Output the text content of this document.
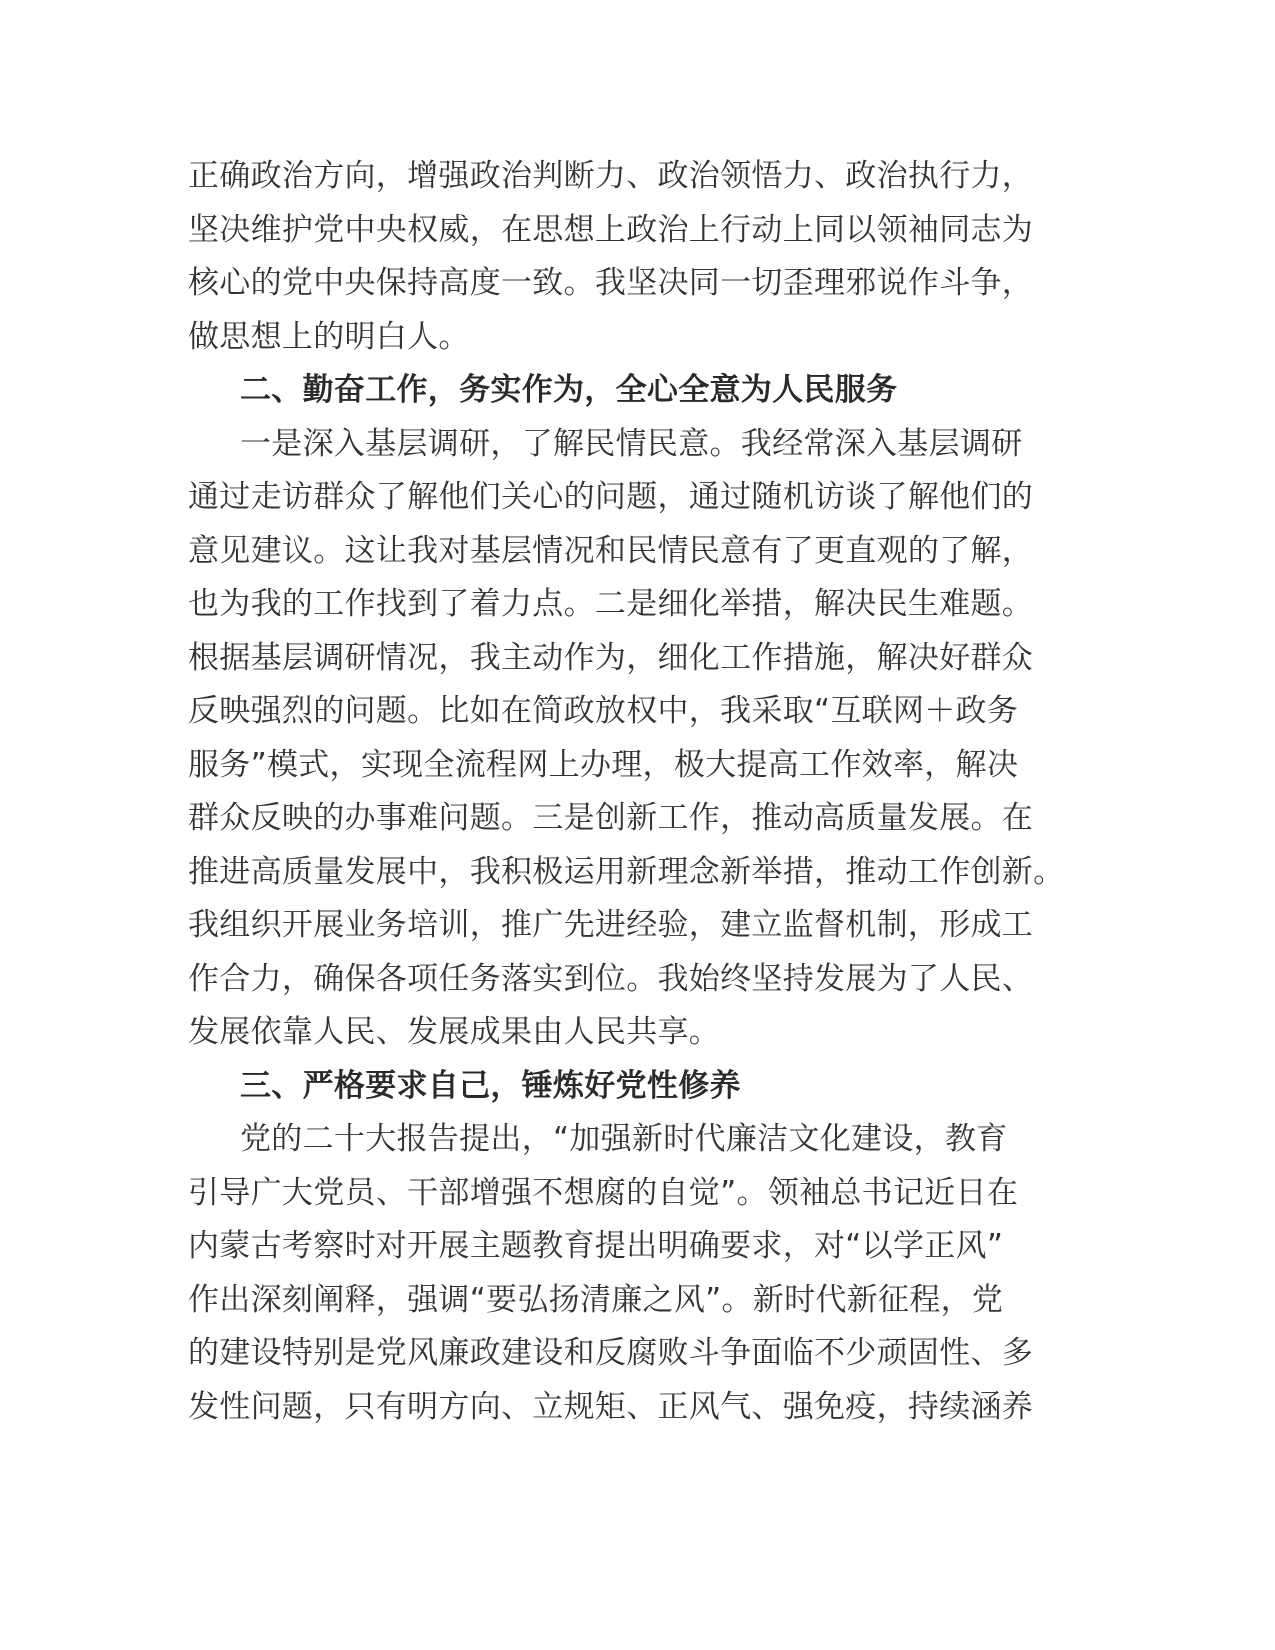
正确政治方向，增强政治判断力、政治领悟力、政治执行力，
坚决维护党中央权威，在思想上政治上行动上同以领袖同志为
核心的党中央保持高度一致。我坚决同一切歪理邪说作斗争，
做思想上的明白人。
二、勤奋工作，务实作为，全心全意为人民服务
一是深入基层调研，了解民情民意。我经常深入基层调研
通过走访群众了解他们关心的问题，通过随机访谈了解他们的
意见建议。这让我对基层情况和民情民意有了更直观的了解，
也为我的工作找到了着力点。二是细化举措，解决民生难题。
根据基层调研情况，我主动作为，细化工作措施，解决好群众
反映强烈的问题。比如在简政放权中，我采取“互联网＋政务
服务”模式，实现全流程网上办理，极大提高工作效率，解决
群众反映的办事难问题。三是创新工作，推动高质量发展。在
推进高质量发展中，我积极运用新理念新举措，推动工作创新。
我组织开展业务培训，推广先进经验，建立监督机制，形成工
作合力，确保各项任务落实到位。我始终坚持发展为了人民、
发展依靠人民、发展成果由人民共享。
三、严格要求自己，锤炼好党性修养
党的二十大报告提出，“加强新时代廉洁文化建设，教育
引导广大党员、干部增强不想腐的自觉”。领袖总书记近日在
内蒙古考察时对开展主题教育提出明确要求，对“以学正风”
作出深刻阐释，强调“要弘扬清廉之风”。新时代新征程，党
的建设特别是党风廉政建设和反腐败斗争面临不少顽固性、多
发性问题，只有明方向、立规矩、正风气、强免疫，持续涵养
